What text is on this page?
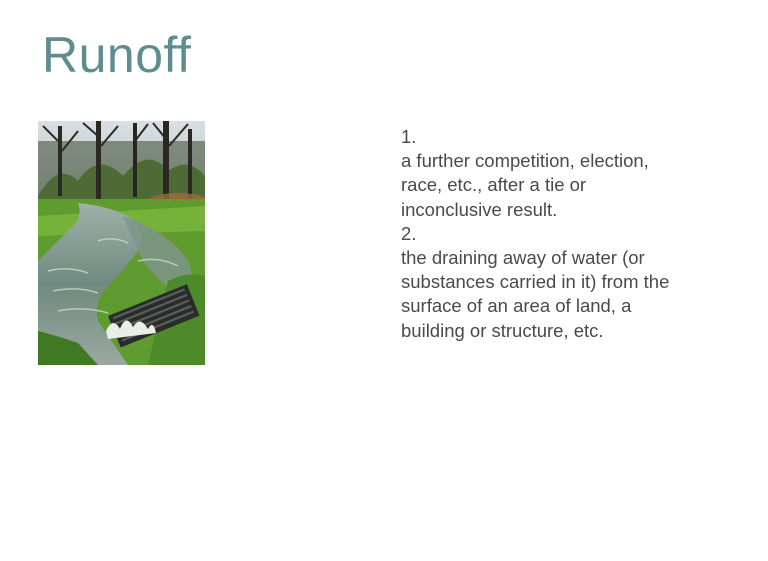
Runoff
1.
a further competition, election,
race, etc., after a tie or
inconclusive result.
2.
the draining away of water (or
substances carried in it) from the
surface of an area of land, a
building or structure, etc.
